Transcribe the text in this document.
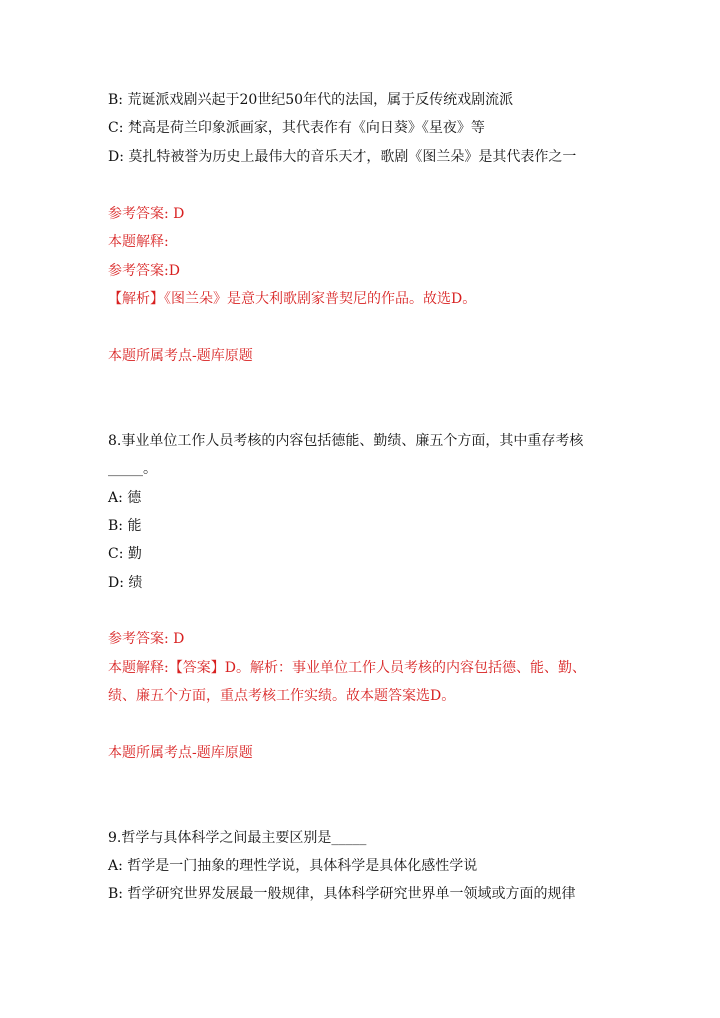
B: 荒诞派戏剧兴起于20世纪50年代的法国，属于反传统戏剧流派
C: 梵高是荷兰印象派画家，其代表作有《向日葵》《星夜》等
D: 莫扎特被誉为历史上最伟大的音乐天才，歌剧《图兰朵》是其代表作之一
参考答案: D
本题解释:
参考答案:D
【解析】《图兰朵》是意大利歌剧家普契尼的作品。故选D。
本题所属考点-题库原题
8.事业单位工作人员考核的内容包括德能、勤绩、廉五个方面，其中重存考核
_____。
A: 德
B: 能
C: 勤
D: 绩
参考答案: D
本题解释:【答案】D。解析：事业单位工作人员考核的内容包括德、能、勤、
绩、廉五个方面，重点考核工作实绩。故本题答案选D。
本题所属考点-题库原题
9.哲学与具体科学之间最主要区别是_____
A: 哲学是一门抽象的理性学说，具体科学是具体化感性学说
B: 哲学研究世界发展最一般规律，具体科学研究世界单一领域或方面的规律
